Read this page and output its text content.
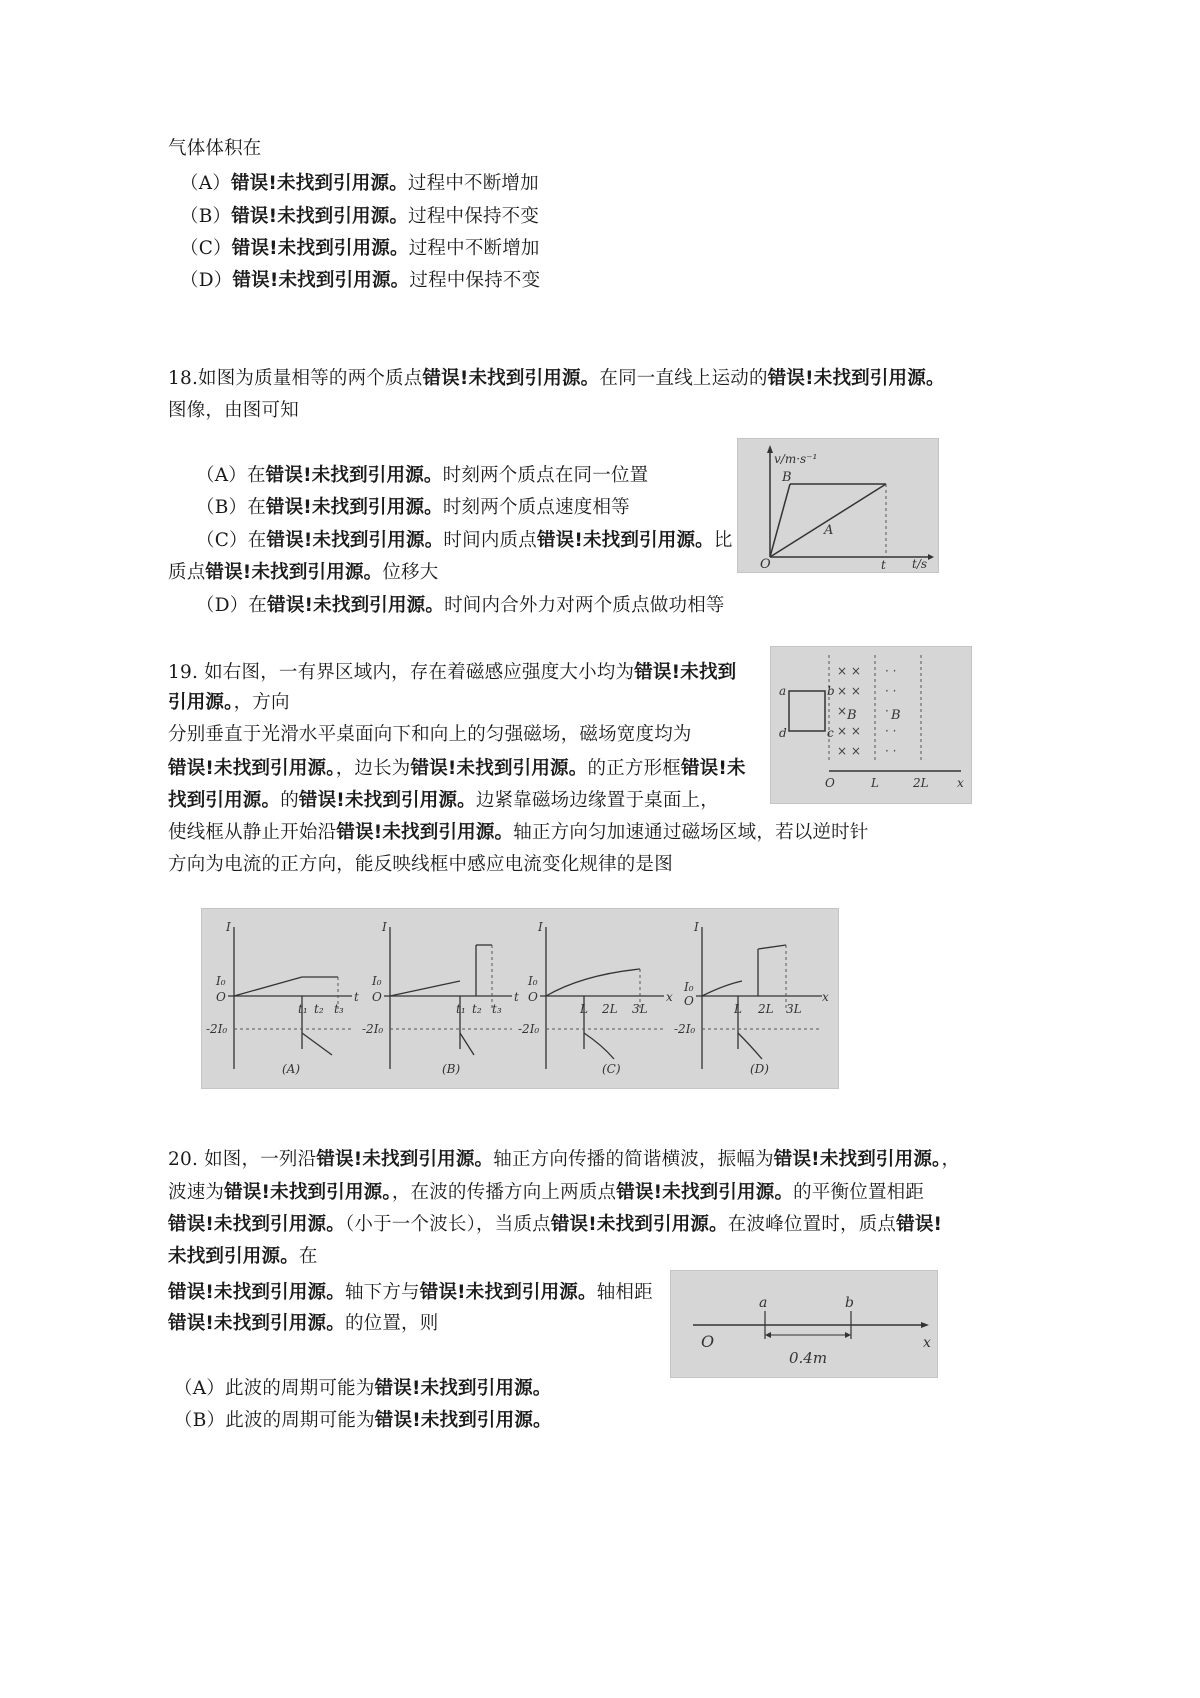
气体体积在
（A）错误!未找到引用源。过程中不断增加
（B）错误!未找到引用源。过程中保持不变
（C）错误!未找到引用源。过程中不断增加
（D）错误!未找到引用源。过程中保持不变
18.如图为质量相等的两个质点错误!未找到引用源。在同一直线上运动的错误!未找到引用源。
图像，由图可知
（A）在错误!未找到引用源。时刻两个质点在同一位置
（B）在错误!未找到引用源。时刻两个质点速度相等
（C）在错误!未找到引用源。时间内质点错误!未找到引用源。比
质点错误!未找到引用源。位移大
（D）在错误!未找到引用源。时间内合外力对两个质点做功相等
v/m·s⁻¹
t/s
O
B
A
t
19. 如右图，一有界区域内，存在着磁感应强度大小均为错误!未找到
引用源。，方向
分别垂直于光滑水平桌面向下和向上的匀强磁场，磁场宽度均为
错误!未找到引用源。，边长为错误!未找到引用源。的正方形框错误!未
找到引用源。的错误!未找到引用源。边紧靠磁场边缘置于桌面上，
使线框从静止开始沿错误!未找到引用源。轴正方向匀加速通过磁场区域，若以逆时针
方向为电流的正方向，能反映线框中感应电流变化规律的是图
× ×
× ×
×
× ×
× ×
· ·
· ·
·
· ·
· ·
a
d
b
c
B	B
O	L	2L x
I
I₀
O
-2I₀
t₁ t₂ t₃
t
(A)
I
I₀
O
-2I₀
t₁ t₂ t₃
t
(B)
I
I₀
O
-2I₀
L 2L 3L
x
(C)
I
I₀
O
-2I₀
L 2L 3L
x
(D)
20. 如图，一列沿错误!未找到引用源。轴正方向传播的简谐横波，振幅为错误!未找到引用源。，
波速为错误!未找到引用源。，在波的传播方向上两质点错误!未找到引用源。的平衡位置相距
错误!未找到引用源。（小于一个波长），当质点错误!未找到引用源。在波峰位置时，质点错误!
未找到引用源。在
错误!未找到引用源。轴下方与错误!未找到引用源。轴相距
错误!未找到引用源。的位置，则
（A）此波的周期可能为错误!未找到引用源。
（B）此波的周期可能为错误!未找到引用源。
O
a	b
0.4m
x
